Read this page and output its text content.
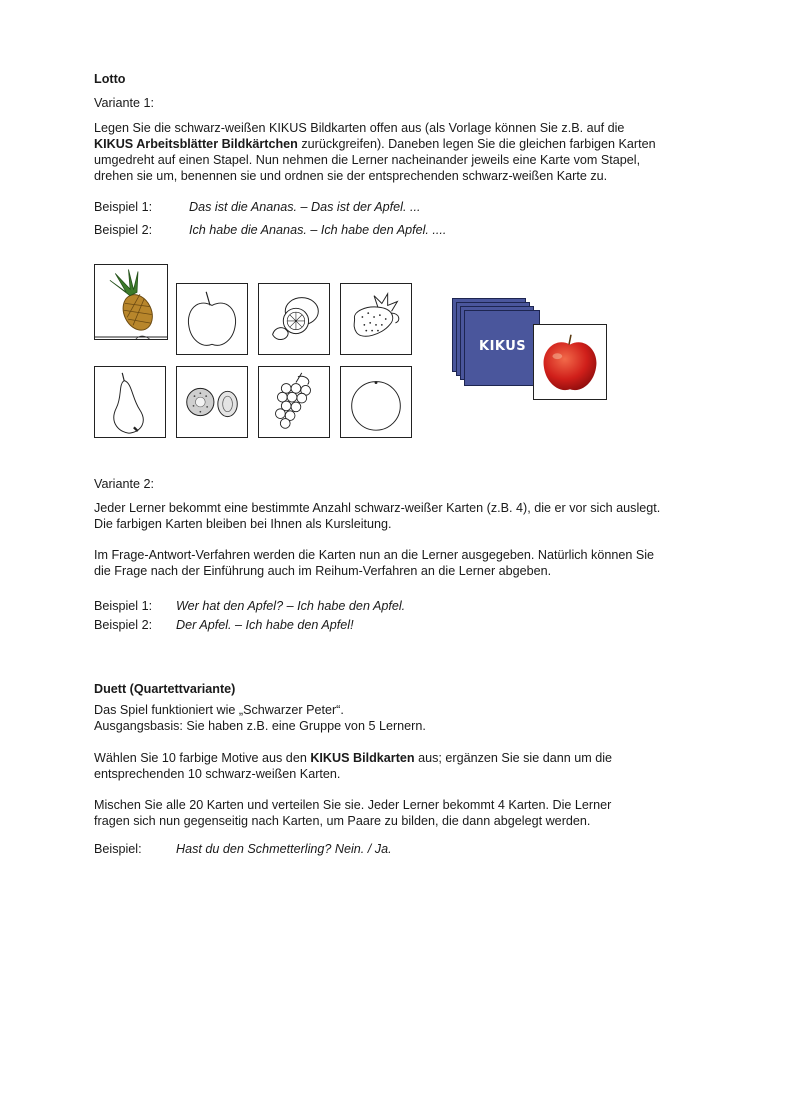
Lotto
Variante 1:
Legen Sie die schwarz-weißen KIKUS Bildkarten offen aus (als Vorlage können Sie z.B. auf die
KIKUS Arbeitsblätter Bildkärtchen zurückgreifen). Daneben legen Sie die gleichen farbigen Karten
umgedreht auf einen Stapel. Nun nehmen die Lerner nacheinander jeweils eine Karte vom Stapel,
drehen sie um, benennen sie und ordnen sie der entsprechenden schwarz-weißen Karte zu.
Beispiel 1:	Das ist die Ananas. – Das ist der Apfel. ...
Beispiel 2:	Ich habe die Ananas. – Ich habe den Apfel. ....
KIKUS
Variante 2:
Jeder Lerner bekommt eine bestimmte Anzahl schwarz-weißer Karten (z.B. 4), die er vor sich auslegt.
Die farbigen Karten bleiben bei Ihnen als Kursleitung.
Im Frage-Antwort-Verfahren werden die Karten nun an die Lerner ausgegeben. Natürlich können Sie
die Frage nach der Einführung auch im Reihum-Verfahren an die Lerner abgeben.
Beispiel 1: Wer hat den Apfel? – Ich habe den Apfel.
Beispiel 2: Der Apfel. – Ich habe den Apfel!
Duett (Quartettvariante)
Das Spiel funktioniert wie „Schwarzer Peter“.
Ausgangsbasis: Sie haben z.B. eine Gruppe von 5 Lernern.
Wählen Sie 10 farbige Motive aus den KIKUS Bildkarten aus; ergänzen Sie sie dann um die
entsprechenden 10 schwarz-weißen Karten.
Mischen Sie alle 20 Karten und verteilen Sie sie. Jeder Lerner bekommt 4 Karten. Die Lerner
fragen sich nun gegenseitig nach Karten, um Paare zu bilden, die dann abgelegt werden.
Beispiel:	Hast du den Schmetterling? Nein. / Ja.
